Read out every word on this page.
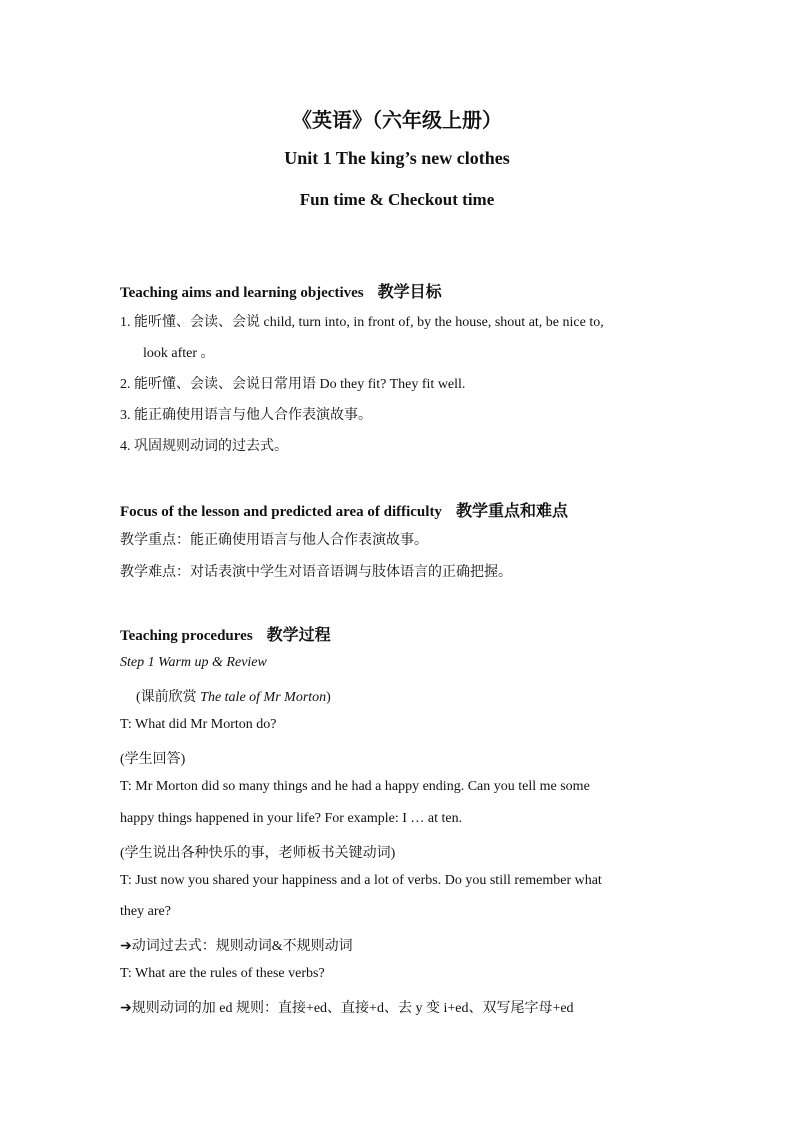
《英语》（六年级上册）
Unit 1 The king’s new clothes
Fun time & Checkout time
Teaching aims and learning objectives 教学目标
1. 能听懂、会读、会说 child, turn into, in front of, by the house, shout at, be nice to,
look after 。
2. 能听懂、会读、会说日常用语 Do they fit? They fit well.
3. 能正确使用语言与他人合作表演故事。
4. 巩固规则动词的过去式。
Focus of the lesson and predicted area of difficulty 教学重点和难点
教学重点：能正确使用语言与他人合作表演故事。
教学难点：对话表演中学生对语音语调与肢体语言的正确把握。
Teaching procedures 教学过程
Step 1 Warm up & Review
(课前欣赏 The tale of Mr Morton)
T: What did Mr Morton do?
(学生回答)
T: Mr Morton did so many things and he had a happy ending. Can you tell me some
happy things happened in your life? For example: I … at ten.
(学生说出各种快乐的事，老师板书关键动词)
T: Just now you shared your happiness and a lot of verbs. Do you still remember what
they are?
➔动词过去式：规则动词&不规则动词
T: What are the rules of these verbs?
➔规则动词的加 ed 规则：直接+ed、直接+d、去 y 变 i+ed、双写尾字母+ed
